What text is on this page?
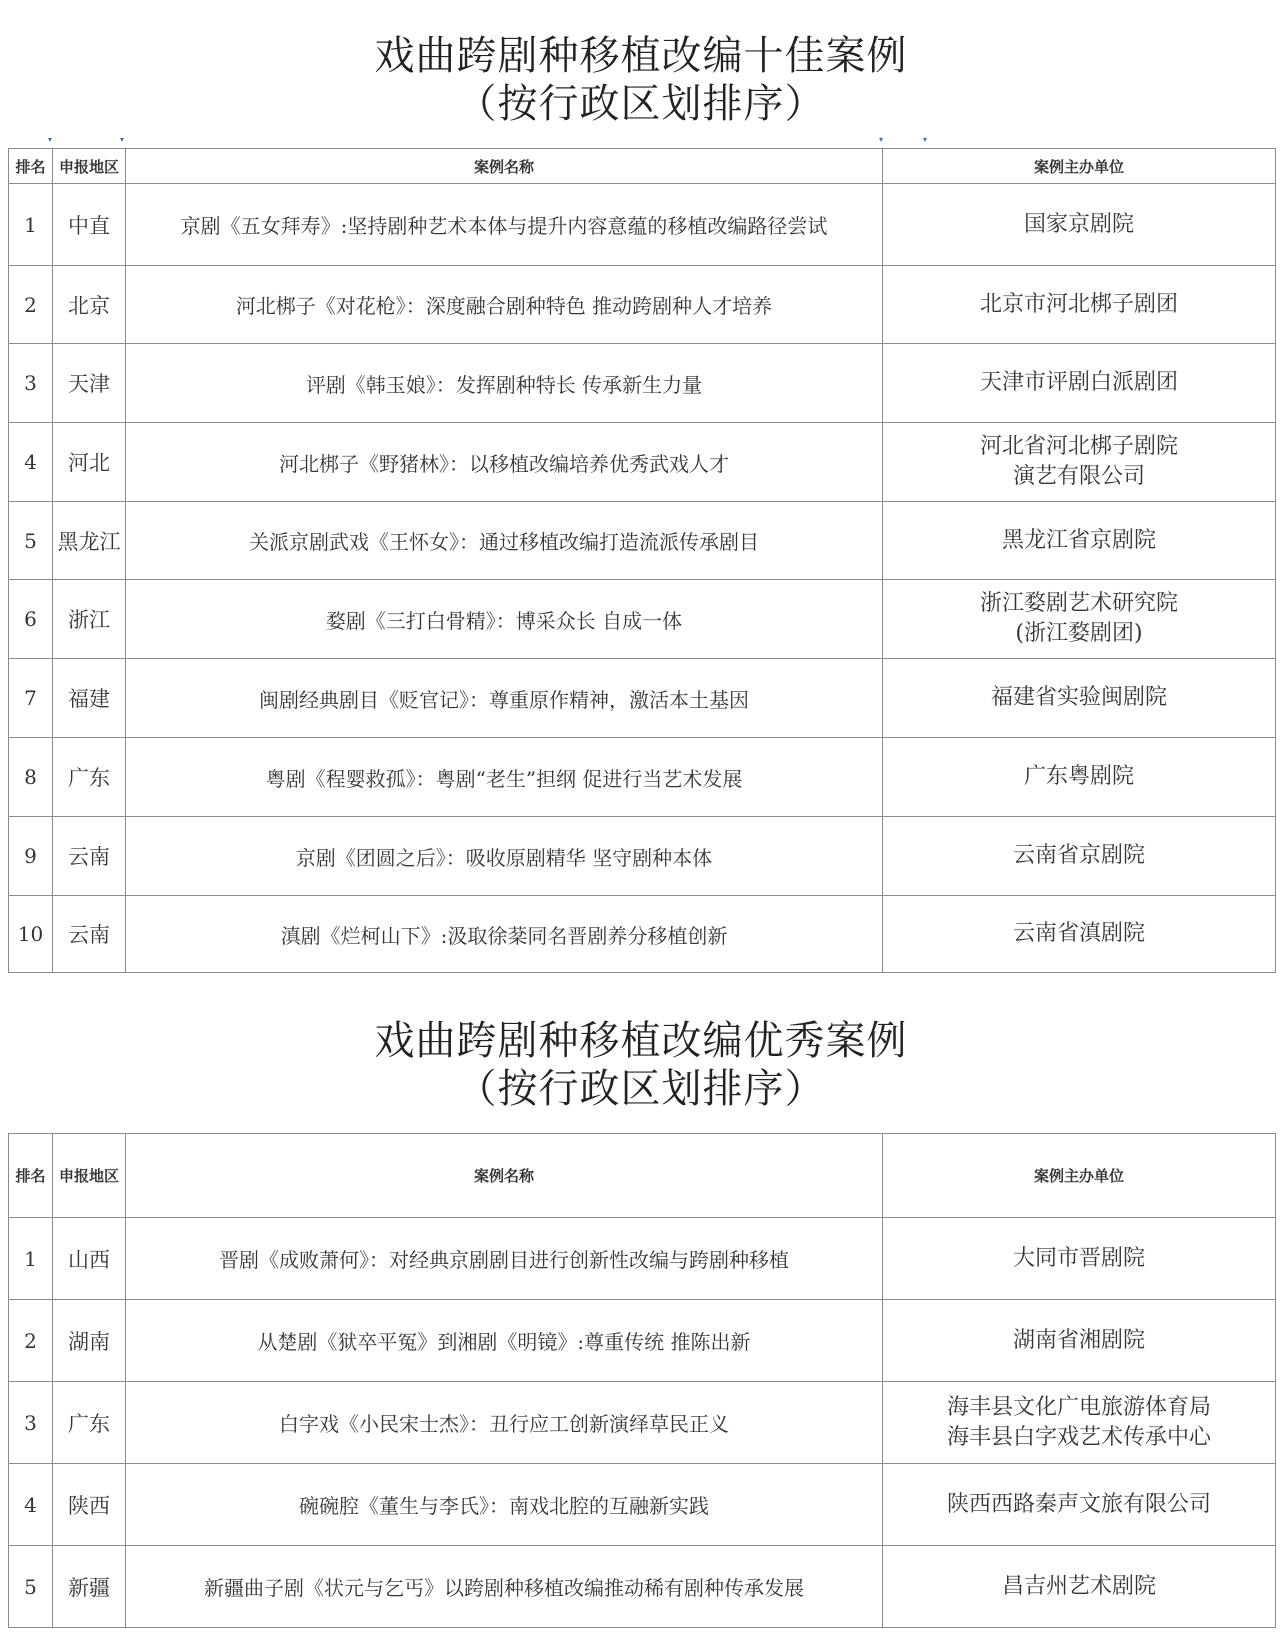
戏曲跨剧种移植改编十佳案例
（按行政区划排序）
▾	▾	▾	▾
排名	申报地区	案例名称	案例主办单位
1	中直	京剧《五女拜寿》:坚持剧种艺术本体与提升内容意蕴的移植改编路径尝试	国家京剧院

2	北京	河北梆子《对花枪》：深度融合剧种特色 推动跨剧种人才培养	北京市河北梆子剧团

3	天津	评剧《韩玉娘》：发挥剧种特长 传承新生力量	天津市评剧白派剧团

4	河北	河北梆子《野猪林》：以移植改编培养优秀武戏人才	河北省河北梆子剧院
演艺有限公司

5	黑龙江	关派京剧武戏《王怀女》：通过移植改编打造流派传承剧目	黑龙江省京剧院

6	浙江	婺剧《三打白骨精》：博采众长 自成一体	浙江婺剧艺术研究院
(浙江婺剧团)

7	福建	闽剧经典剧目《贬官记》：尊重原作精神，激活本土基因	福建省实验闽剧院

8	广东	粤剧《程婴救孤》：粤剧“老生”担纲 促进行当艺术发展	广东粤剧院

9	云南	京剧《团圆之后》：吸收原剧精华 坚守剧种本体	云南省京剧院

10	云南	滇剧《烂柯山下》:汲取徐棻同名晋剧养分移植创新	云南省滇剧院
戏曲跨剧种移植改编优秀案例
（按行政区划排序）
排名	申报地区	案例名称	案例主办单位
1	山西	晋剧《成败萧何》：对经典京剧剧目进行创新性改编与跨剧种移植	大同市晋剧院

2	湖南	从楚剧《狱卒平冤》到湘剧《明镜》:尊重传统 推陈出新	湖南省湘剧院

3	广东	白字戏《小民宋士杰》：丑行应工创新演绎草民正义	海丰县文化广电旅游体育局
海丰县白字戏艺术传承中心

4	陕西	碗碗腔《董生与李氏》：南戏北腔的互融新实践	陕西西路秦声文旅有限公司

5	新疆	新疆曲子剧《状元与乞丐》以跨剧种移植改编推动稀有剧种传承发展	昌吉州艺术剧院
